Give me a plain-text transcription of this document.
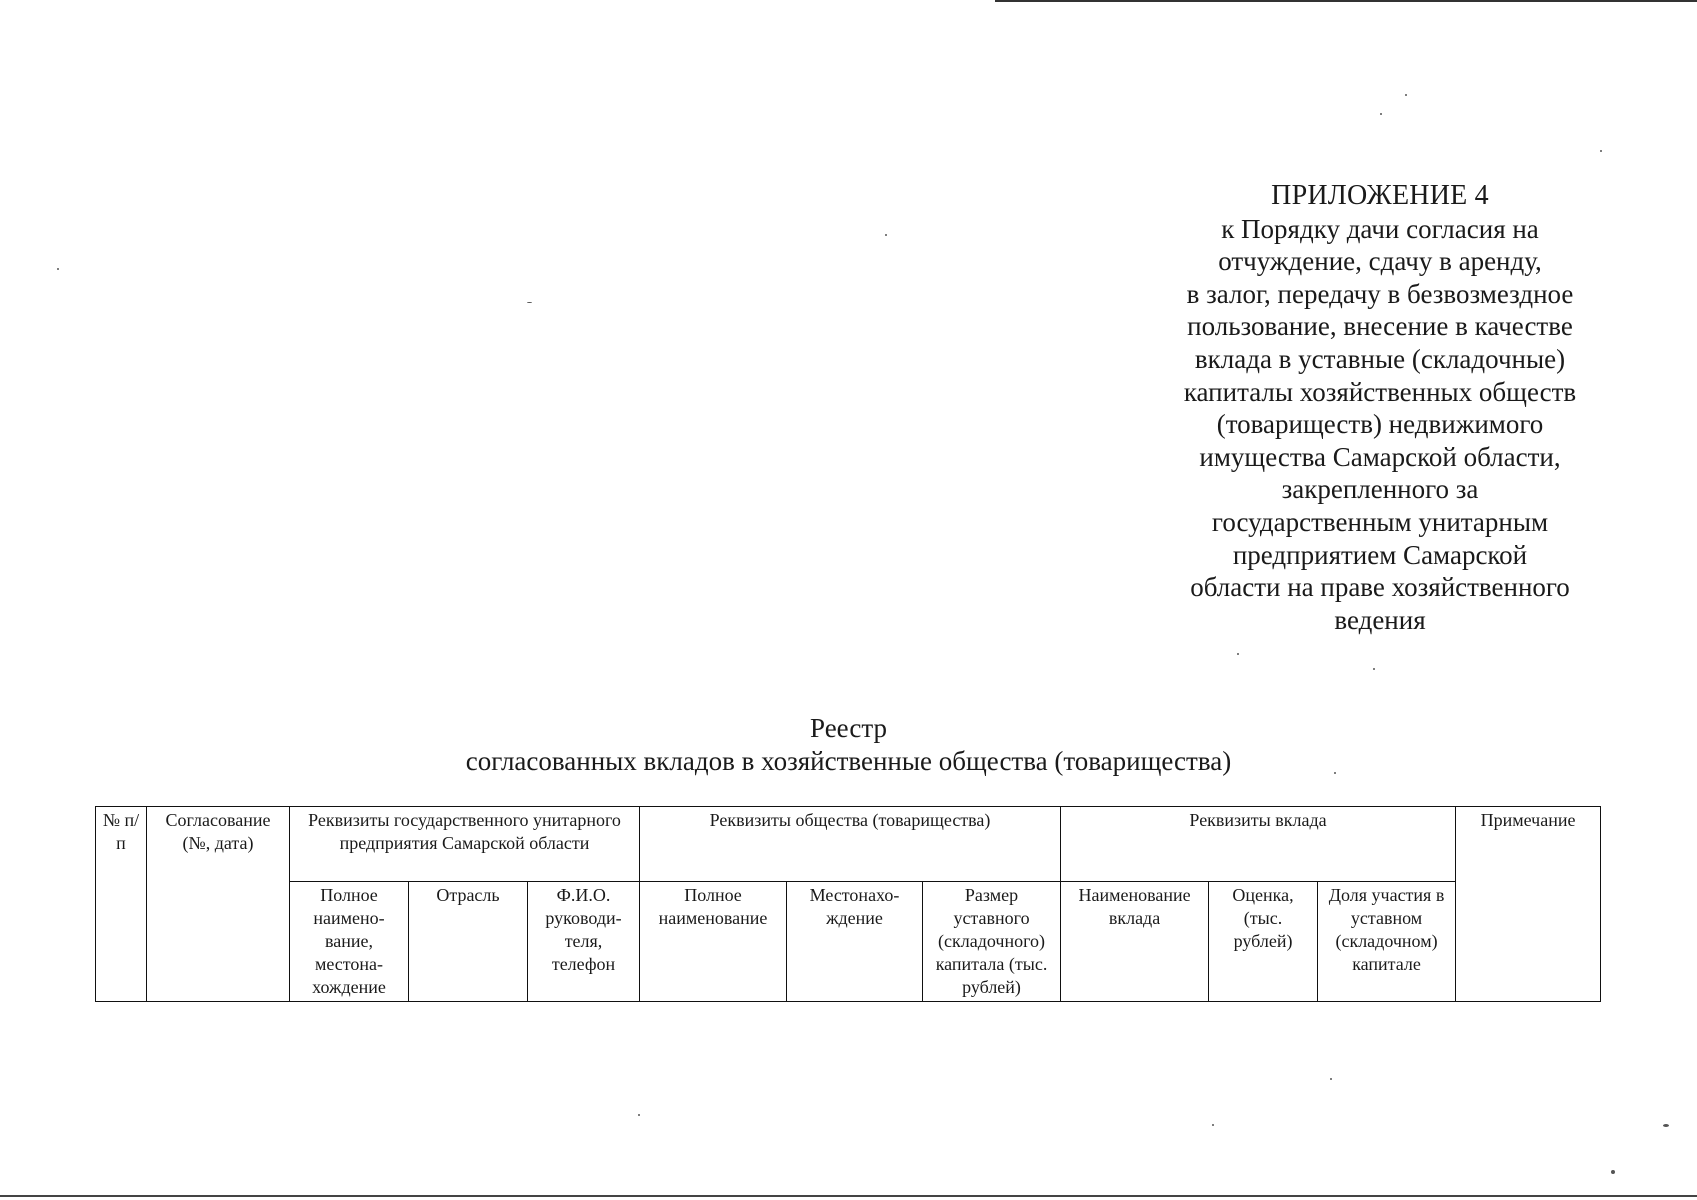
ПРИЛОЖЕНИЕ 4
к Порядку дачи согласия на
отчуждение, сдачу в аренду,
в залог, передачу в безвозмездное
пользование, внесение в качестве
вклада в уставные (складочные)
капиталы хозяйственных обществ
(товариществ) недвижимого
имущества Самарской области,
закрепленного за
государственным унитарным
предприятием Самарской
области на праве хозяйственного
ведения
Реестр
согласованных вкладов в хозяйственные общества (товарищества)
№ п/п	Согласование (№, дата)	Реквизиты государственного унитарного предприятия Самарской области			Реквизиты общества (товарищества)			Реквизиты вклада			Примечание
		Полное наимено-вание, местона-хождение	Отрасль	Ф.И.О. руководи-теля, телефон	Полное наименование	Местонахо-ждение	Размер уставного (складочного) капитала (тыс. рублей)	Наименование вклада	Оценка, (тыс. рублей)	Доля участия в уставном (складочном) капитале	
